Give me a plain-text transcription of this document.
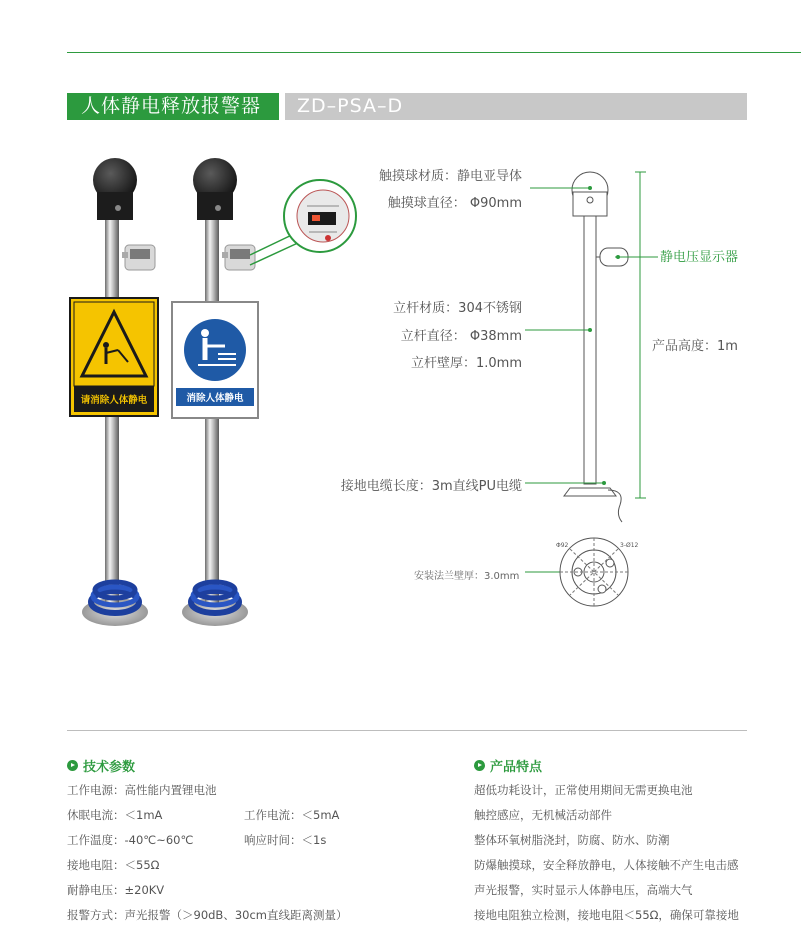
人体静电释放报警器	ZD–PSA–D
请消除人体静电	消除人体静电
触摸球材质：静电亚导体
触摸球直径： Φ90mm
立杆材质：304不锈钢
立杆直径： Φ38mm
立杆壁厚：1.0mm
接地电缆长度：3m直线PU电缆
静电压显示器
产品高度：1m
安装法兰壁厚：3.0mm
Φ92	3-Ø12
技术参数
工作电源：高性能内置锂电池
休眠电流：＜1mA	工作电流：＜5mA
工作温度：-40℃~60℃	响应时间：＜1s
接地电阻：＜55Ω
耐静电压：±20KV
报警方式：声光报警（＞90dB、30cm直线距离测量）
产品特点
超低功耗设计，正常使用期间无需更换电池
触控感应，无机械活动部件
整体环氧树脂浇封，防腐、防水、防潮
防爆触摸球，安全释放静电，人体接触不产生电击感
声光报警，实时显示人体静电压，高端大气
接地电阻独立检测，接地电阻＜55Ω，确保可靠接地
